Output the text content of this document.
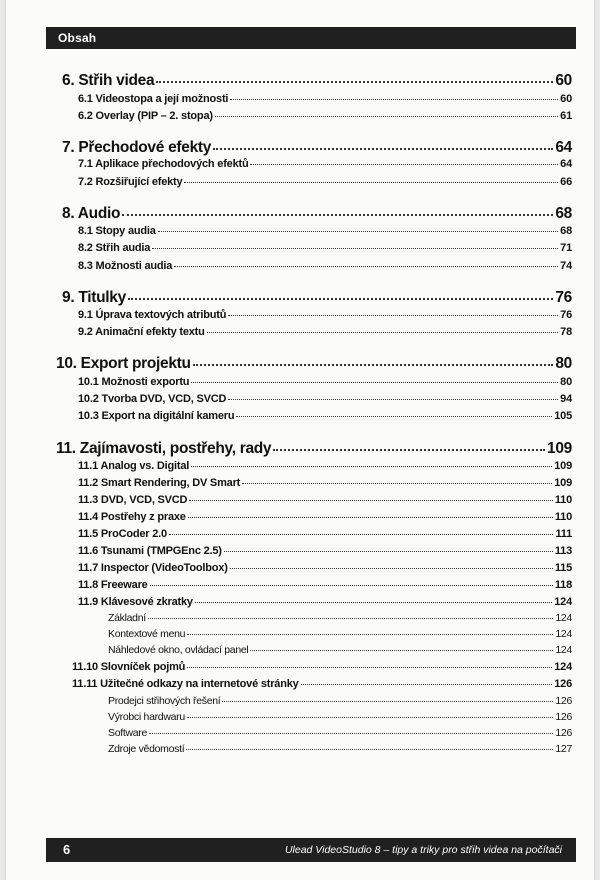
Obsah
6. Střih videa	60
6.1 Videostopa a její možnosti	60
6.2 Overlay (PIP – 2. stopa)	61
7. Přechodové efekty	64
7.1 Aplikace přechodových efektů	64
7.2 Rozšiřující efekty	66
8. Audio	68
8.1 Stopy audia	68
8.2 Střih audia	71
8.3 Možnosti audia	74
9. Titulky	76
9.1 Úprava textových atributů	76
9.2 Animační efekty textu	78
10. Export projektu	80
10.1 Možnosti exportu	80
10.2 Tvorba DVD, VCD, SVCD	94
10.3 Export na digitální kameru	105
11. Zajímavosti, postřehy, rady	109
11.1 Analog vs. Digital	109
11.2 Smart Rendering, DV Smart	109
11.3 DVD, VCD, SVCD	110
11.4 Postřehy z praxe	110
11.5 ProCoder 2.0	111
11.6 Tsunami (TMPGEnc 2.5)	113
11.7 Inspector (VideoToolbox)	115
11.8 Freeware	118
11.9 Klávesové zkratky	124
Základní	124
Kontextové menu	124
Náhledové okno, ovládací panel	124
11.10 Slovníček pojmů	124
11.11 Užitečné odkazy na internetové stránky	126
Prodejci střihových řešení	126
Výrobci hardwaru	126
Software	126
Zdroje vědomostí	127
6	Ulead VideoStudio 8 – tipy a triky pro střih videa na počítači
